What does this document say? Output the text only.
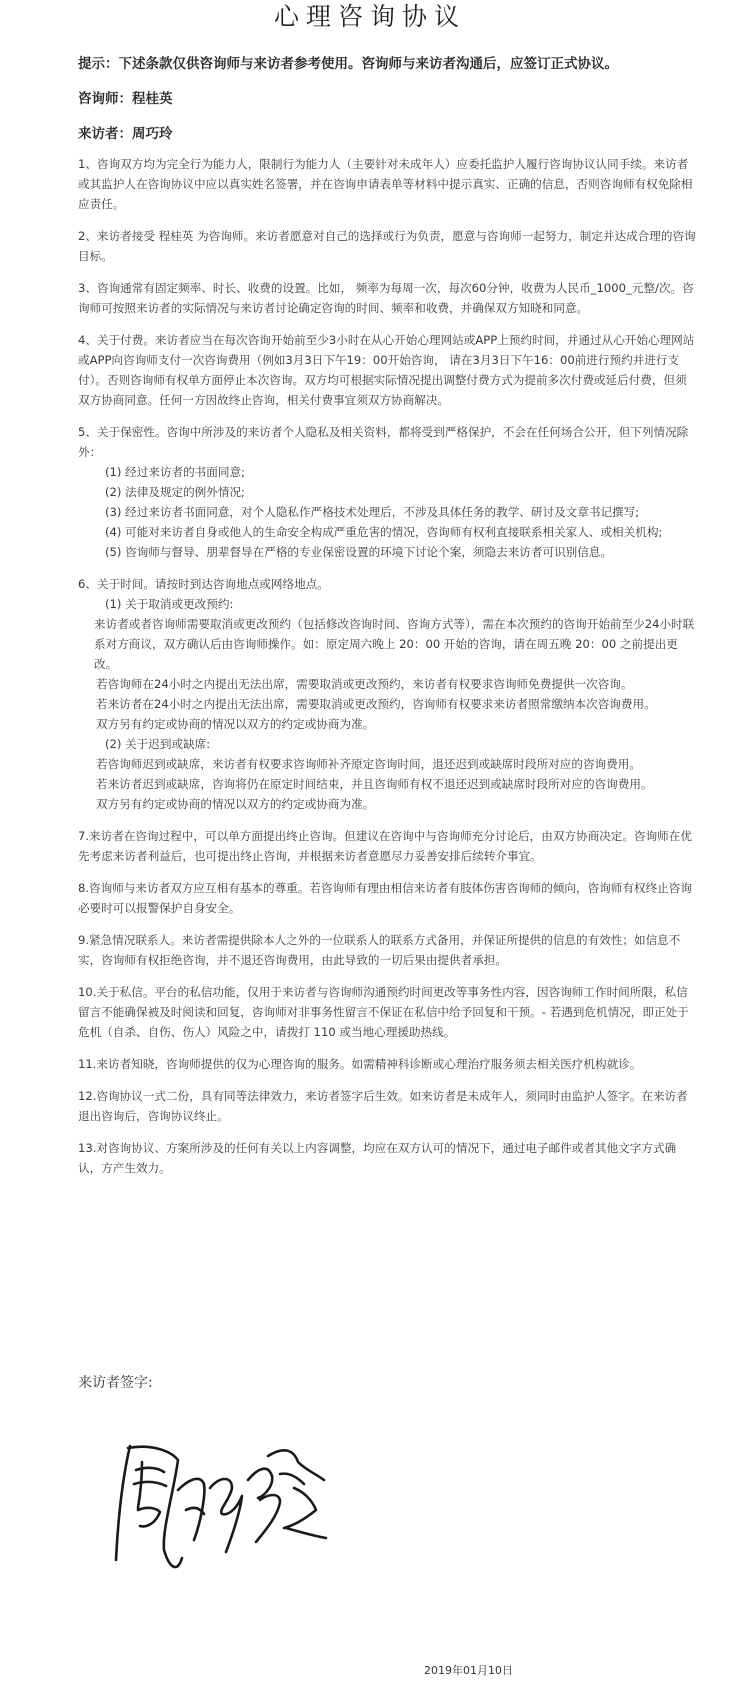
心理咨询协议
提示：下述条款仅供咨询师与来访者参考使用。咨询师与来访者沟通后，应签订正式协议。
咨询师：程桂英
来访者：周巧玲
1、咨询双方均为完全行为能力人，限制行为能力人（主要针对未成年人）应委托监护人履行咨询协议认同手续。来访者或其监护人在咨询协议中应以真实姓名签署，并在咨询申请表单等材料中提示真实、正确的信息，否则咨询师有权免除相应责任。
2、来访者接受 程桂英 为咨询师。来访者愿意对自己的选择或行为负责，愿意与咨询师一起努力，制定并达成合理的咨询目标。
3、咨询通常有固定频率、时长、收费的设置。比如， 频率为每周一次，每次60分钟，收费为人民币_1000_元整/次。咨询师可按照来访者的实际情况与来访者讨论确定咨询的时间、频率和收费，并确保双方知晓和同意。
4、关于付费。来访者应当在每次咨询开始前至少3小时在从心开始心理网站或APP上预约时间，并通过从心开始心理网站或APP向咨询师支付一次咨询费用（例如3月3日下午19：00开始咨询， 请在3月3日下午16：00前进行预约并进行支付）。否则咨询师有权单方面停止本次咨询。双方均可根据实际情况提出调整付费方式为提前多次付费或延后付费，但须双方协商同意。任何一方因故终止咨询，相关付费事宜须双方协商解决。

5、关于保密性。咨询中所涉及的来访者个人隐私及相关资料，都将受到严格保护，不会在任何场合公开，但下列情况除外：

(1) 经过来访者的书面同意;

(2) 法律及规定的例外情况;

(3) 经过来访者书面同意，对个人隐私作严格技术处理后，不涉及具体任务的教学、研讨及文章书记撰写;

(4) 可能对来访者自身或他人的生命安全构成严重危害的情况，咨询师有权利直接联系相关家人、或相关机构;

(5) 咨询师与督导、朋辈督导在严格的专业保密设置的环境下讨论个案，须隐去来访者可识别信息。

6、关于时间。请按时到达咨询地点或网络地点。

(1) 关于取消或更改预约:

来访者或者咨询师需要取消或更改预约（包括修改咨询时间、咨询方式等），需在本次预约的咨询开始前至少24小时联系对方商议，双方确认后由咨询师操作。如：原定周六晚上 20：00 开始的咨询，请在周五晚 20：00 之前提出更改。

若咨询师在24小时之内提出无法出席，需要取消或更改预约，来访者有权要求咨询师免费提供一次咨询。

若来访者在24小时之内提出无法出席，需要取消或更改预约，咨询师有权要求来访者照常缴纳本次咨询费用。

双方另有约定或协商的情况以双方的约定或协商为准。

(2) 关于迟到或缺席:

若咨询师迟到或缺席，来访者有权要求咨询师补齐原定咨询时间，退还迟到或缺席时段所对应的咨询费用。

若来访者迟到或缺席，咨询将仍在原定时间结束，并且咨询师有权不退还迟到或缺席时段所对应的咨询费用。

双方另有约定或协商的情况以双方的约定或协商为准。

7.来访者在咨询过程中，可以单方面提出终止咨询。但建议在咨询中与咨询师充分讨论后，由双方协商决定。咨询师在优先考虑来访者利益后，也可提出终止咨询，并根据来访者意愿尽力妥善安排后续转介事宜。
8.咨询师与来访者双方应互相有基本的尊重。若咨询师有理由相信来访者有肢体伤害咨询师的倾向，咨询师有权终止咨询必要时可以报警保护自身安全。
9.紧急情况联系人。来访者需提供除本人之外的一位联系人的联系方式备用，并保证所提供的信息的有效性；如信息不实，咨询师有权拒绝咨询，并不退还咨询费用，由此导致的一切后果由提供者承担。
10.关于私信。平台的私信功能，仅用于来访者与咨询师沟通预约时间更改等事务性内容，因咨询师工作时间所限，私信留言不能确保被及时阅读和回复，咨询师对非事务性留言不保证在私信中给予回复和干预。- 若遇到危机情况，即正处于危机（自杀、自伤、伤人）风险之中，请拨打 110 或当地心理援助热线。
11.来访者知晓，咨询师提供的仅为心理咨询的服务。如需精神科诊断或心理治疗服务须去相关医疗机构就诊。
12.咨询协议一式二份，具有同等法律效力，来访者签字后生效。如来访者是未成年人，须同时由监护人签字。在来访者退出咨询后，咨询协议终止。
13.对咨询协议、方案所涉及的任何有关以上内容调整，均应在双方认可的情况下，通过电子邮件或者其他文字方式确认，方产生效力。
来访者签字:
2019年01月10日
